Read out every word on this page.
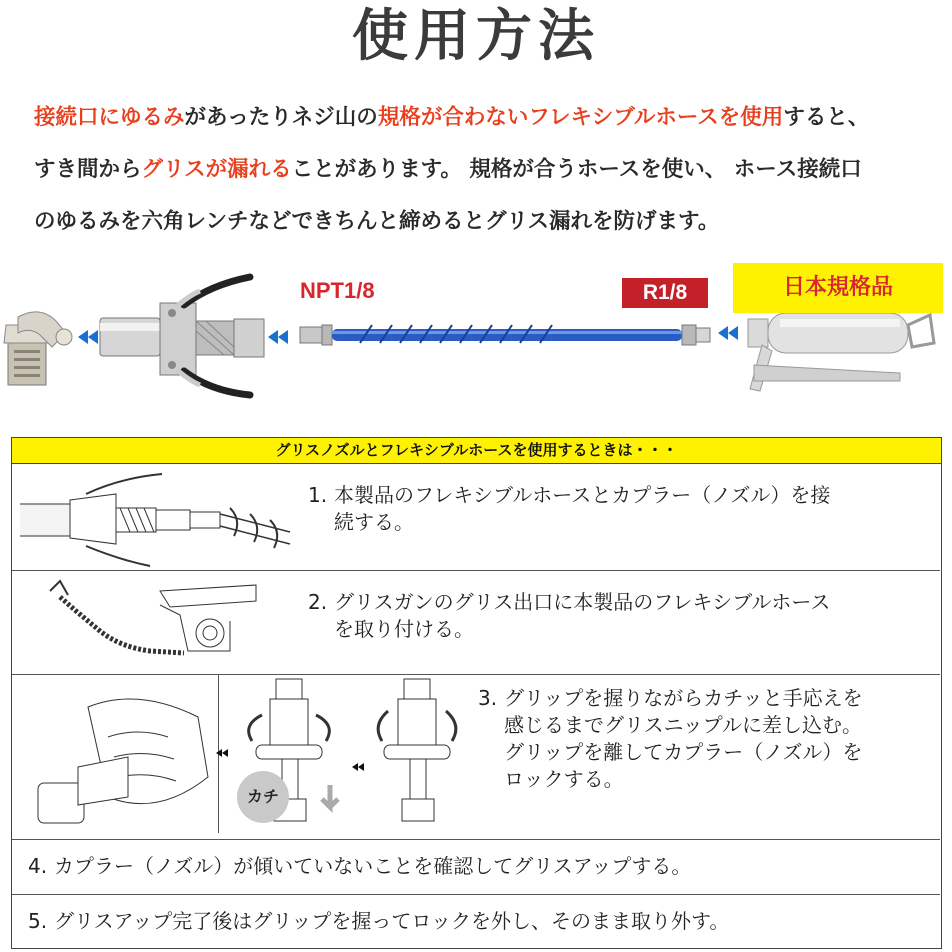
使用方法
接続口にゆるみがあったりネジ山の規格が合わないフレキシブルホースを使用すると、
すき間からグリスが漏れることがあります。 規格が合うホースを使い、 ホース接続口
のゆるみを六角レンチなどできちんと締めるとグリス漏れを防げます。
NPT1/8	R1/8	日本規格品
グリスノズルとフレキシブルホースを使用するときは・・・
1. 本製品のフレキシブルホースとカプラー（ノズル）を接
続する。
2. グリスガンのグリス出口に本製品のフレキシブルホース
を取り付ける。
カチ
3. グリップを握りながらカチッと手応えを
感じるまでグリスニップルに差し込む。
グリップを離してカプラー（ノズル）を
ロックする。
4. カプラー（ノズル）が傾いていないことを確認してグリスアップする。
5. グリスアップ完了後はグリップを握ってロックを外し、そのまま取り外す。
